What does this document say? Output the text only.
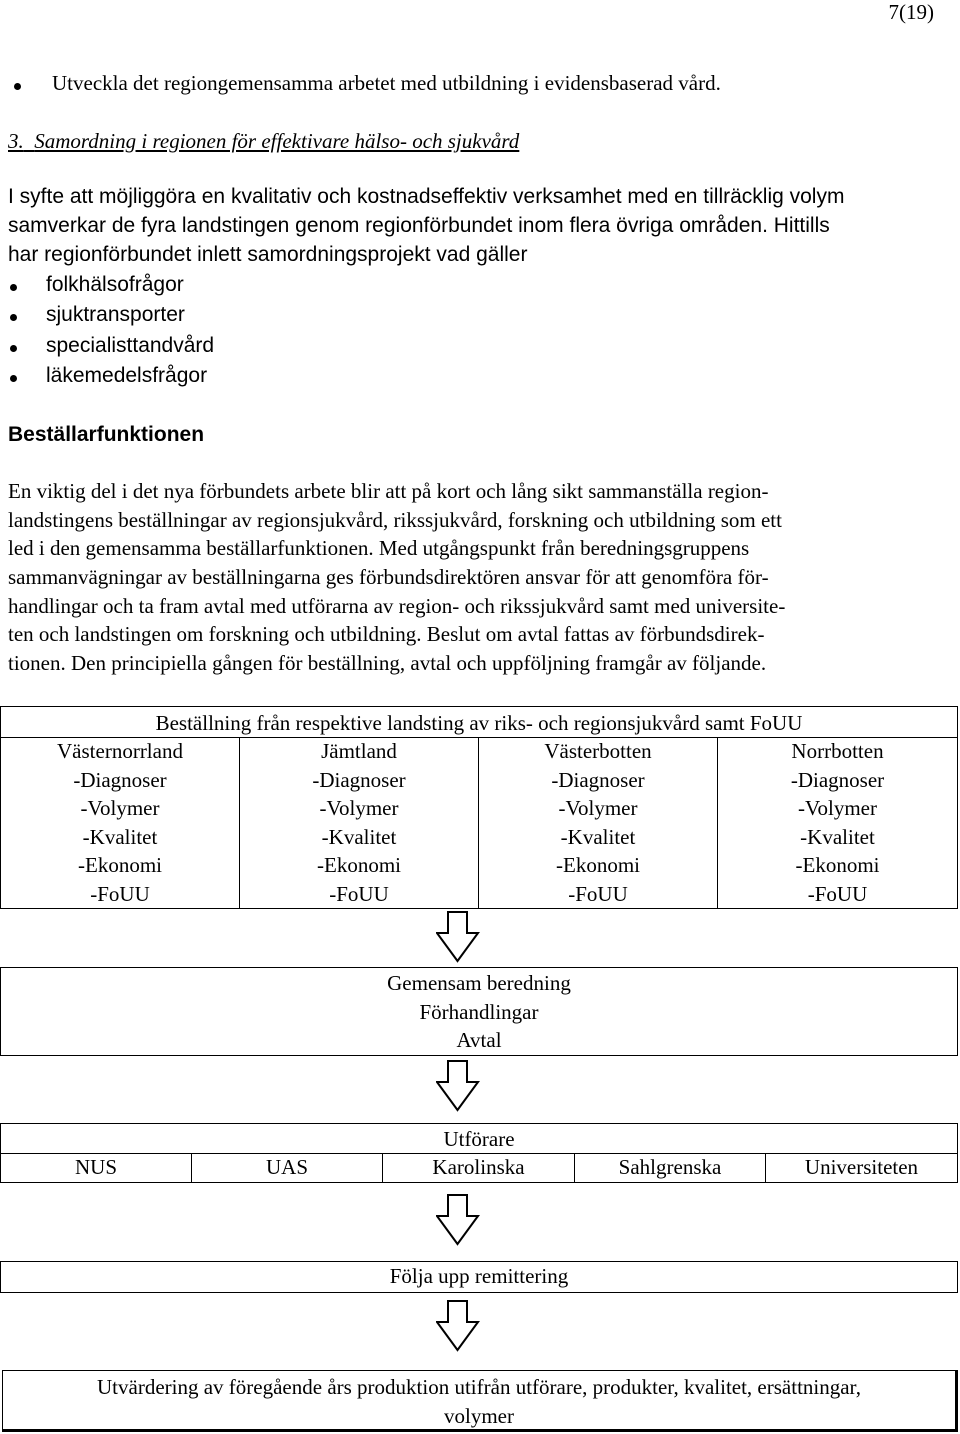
7(19)
Utveckla det regiongemensamma arbetet med utbildning i evidensbaserad vård.
3. Samordning i regionen för effektivare hälso- och sjukvård
I syfte att möjliggöra en kvalitativ och kostnadseffektiv verksamhet med en tillräcklig volym
samverkar de fyra landstingen genom regionförbundet inom flera övriga områden. Hittills
har regionförbundet inlett samordningsprojekt vad gäller
folkhälsofrågor
sjuktransporter
specialisttandvård
läkemedelsfrågor
Beställarfunktionen
En viktig del i det nya förbundets arbete blir att på kort och lång sikt sammanställa region-
landstingens beställningar av regionsjukvård, rikssjukvård, forskning och utbildning som ett
led i den gemensamma beställarfunktionen. Med utgångspunkt från beredningsgruppens
sammanvägningar av beställningarna ges förbundsdirektören ansvar för att genomföra för-
handlingar och ta fram avtal med utförarna av region- och rikssjukvård samt med universite-
ten och landstingen om forskning och utbildning. Beslut om avtal fattas av förbundsdirek-
tionen. Den principiella gången för beställning, avtal och uppföljning framgår av följande.
Beställning från respektive landsting av riks- och regionsjukvård samt FoUU
Västernorrland
-Diagnoser
-Volymer
-Kvalitet
-Ekonomi
-FoUU
Jämtland
-Diagnoser
-Volymer
-Kvalitet
-Ekonomi
-FoUU
Västerbotten
-Diagnoser
-Volymer
-Kvalitet
-Ekonomi
-FoUU
Norrbotten
-Diagnoser
-Volymer
-Kvalitet
-Ekonomi
-FoUU
Gemensam beredning
Förhandlingar
Avtal
Utförare
NUS	UAS	Karolinska	Sahlgrenska	Universiteten
Följa upp remittering
Utvärdering av föregående års produktion utifrån utförare, produkter, kvalitet, ersättningar,
volymer
